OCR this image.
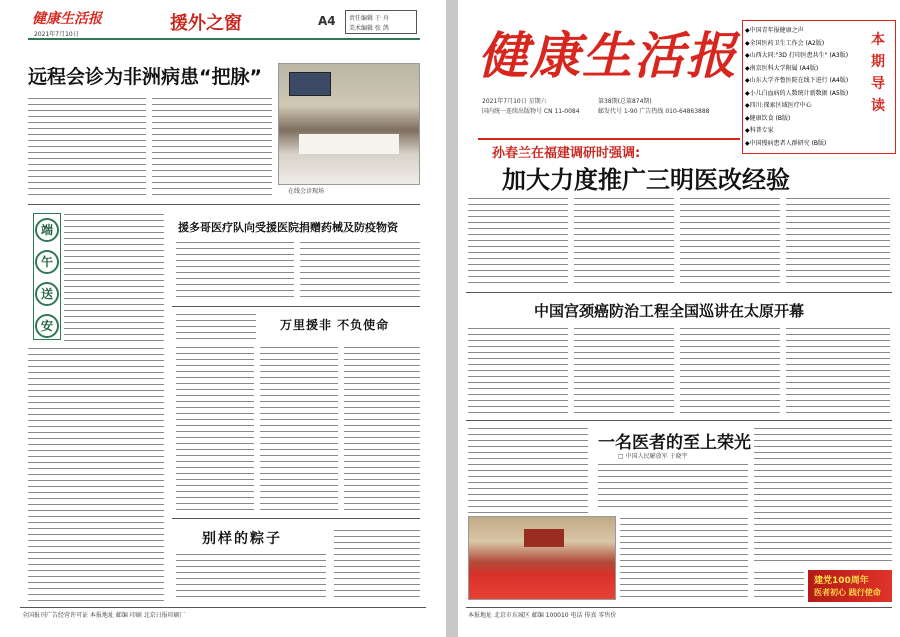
健康生活报
2021年7月10日
援外之窗	A4 责任编辑 于 舟
美术编辑 张 鸽
远程会诊为非洲病患“把脉”
在线会诊现场
端
午
送
安
援多哥医疗队向受援医院捐赠药械及防疫物资
万里援非 不负使命
别样的粽子
全国报刊广告经营许可证 本报地址 邮编 印刷 北京日报印刷厂
健康生活报
2021年7月10日 星期六	第38期(总第874期)
国内统一连续出版物号 CN 11-0084	邮发代号 1-90 广告热线 010-64863888
◆中国青年报健康之声
◆全国医药卫生工作会 (A2版)
◆山西大同:"3D 打印医患共生" (A3版)
◆南京医科大学附属 (A4版)
◆山东大学齐鲁医院在线下进行 (A4版)
◆小儿白血病的人数统计新数据 (A5版)
◆四川:探索区域医疗中心
◆健康饮食 (B版)
◆科普专家
◆中国慢病患者人群研究 (B版)
本期导读
孙春兰在福建调研时强调:
加大力度推广三明医改经验
中国宫颈癌防治工程全国巡讲在太原开幕
一名医者的至上荣光
□ 中国人民解放军 于晓宇
建党100周年
医者初心 践行使命
本报地址 北京市东城区 邮编 100010 电话 传真 零售价
